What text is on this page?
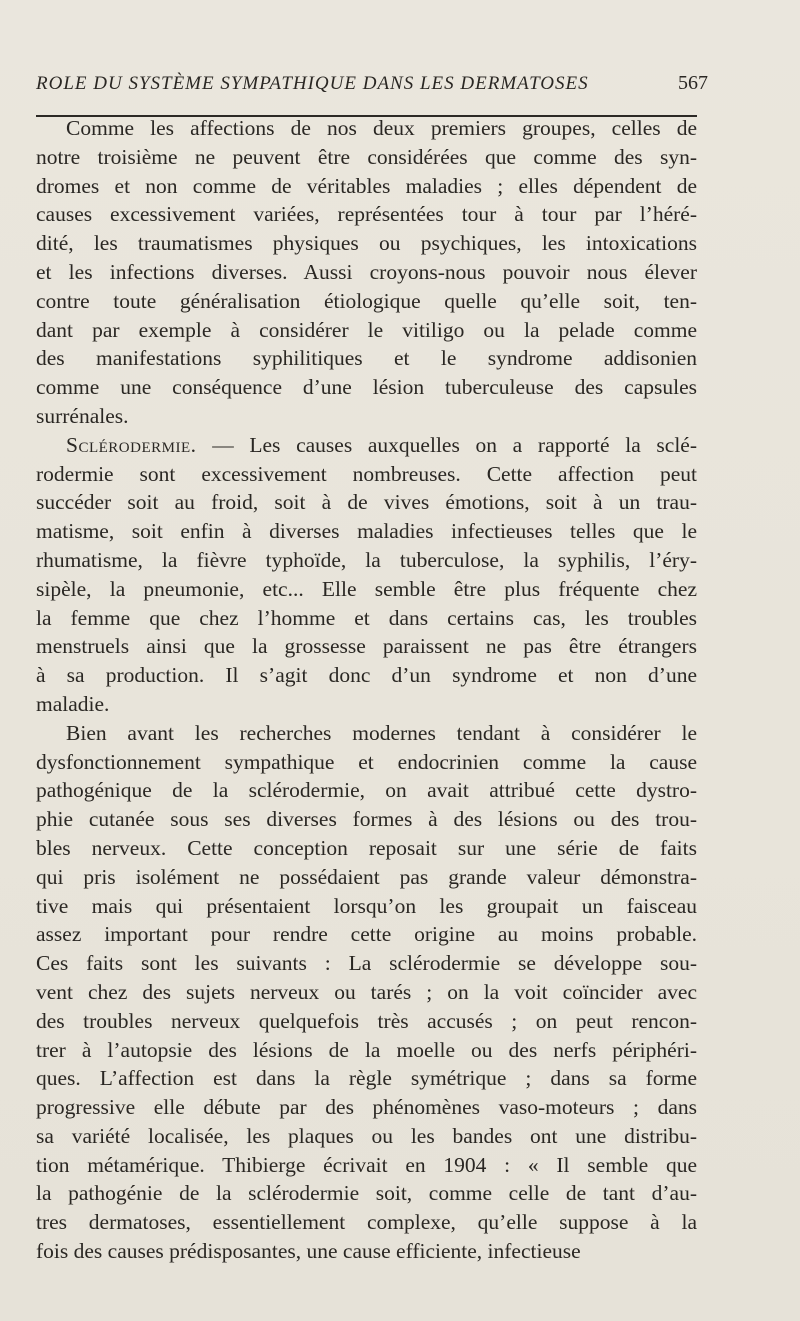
ROLE DU SYSTÈME SYMPATHIQUE DANS LES DERMATOSES	567

Comme les affections de nos deux premiers groupes, celles de
notre troisième ne peuvent être considérées que comme des syn-
dromes et non comme de véritables maladies ; elles dépendent de
causes excessivement variées, représentées tour à tour par l’héré-
dité, les traumatismes physiques ou psychiques, les intoxications
et les infections diverses. Aussi croyons-nous pouvoir nous élever
contre toute généralisation étiologique quelle qu’elle soit, ten-
dant par exemple à considérer le vitiligo ou la pelade comme
des manifestations syphilitiques et le syndrome addisonien
comme une conséquence d’une lésion tuberculeuse des capsules
surrénales.

Sclérodermie. — Les causes auxquelles on a rapporté la sclé-
rodermie sont excessivement nombreuses. Cette affection peut
succéder soit au froid, soit à de vives émotions, soit à un trau-
matisme, soit enfin à diverses maladies infectieuses telles que le
rhumatisme, la fièvre typhoïde, la tuberculose, la syphilis, l’éry-
sipèle, la pneumonie, etc... Elle semble être plus fréquente chez
la femme que chez l’homme et dans certains cas, les troubles
menstruels ainsi que la grossesse paraissent ne pas être étrangers
à sa production. Il s’agit donc d’un syndrome et non d’une
maladie.

Bien avant les recherches modernes tendant à considérer le
dysfonctionnement sympathique et endocrinien comme la cause
pathogénique de la sclérodermie, on avait attribué cette dystro-
phie cutanée sous ses diverses formes à des lésions ou des trou-
bles nerveux. Cette conception reposait sur une série de faits
qui pris isolément ne possédaient pas grande valeur démonstra-
tive mais qui présentaient lorsqu’on les groupait un faisceau
assez important pour rendre cette origine au moins probable.
Ces faits sont les suivants : La sclérodermie se développe sou-
vent chez des sujets nerveux ou tarés ; on la voit coïncider avec
des troubles nerveux quelquefois très accusés ; on peut rencon-
trer à l’autopsie des lésions de la moelle ou des nerfs périphéri-
ques. L’affection est dans la règle symétrique ; dans sa forme
progressive elle débute par des phénomènes vaso-moteurs ; dans
sa variété localisée, les plaques ou les bandes ont une distribu-
tion métamérique. Thibierge écrivait en 1904 : « Il semble que
la pathogénie de la sclérodermie soit, comme celle de tant d’au-
tres dermatoses, essentiellement complexe, qu’elle suppose à la
fois des causes prédisposantes, une cause efficiente, infectieuse
